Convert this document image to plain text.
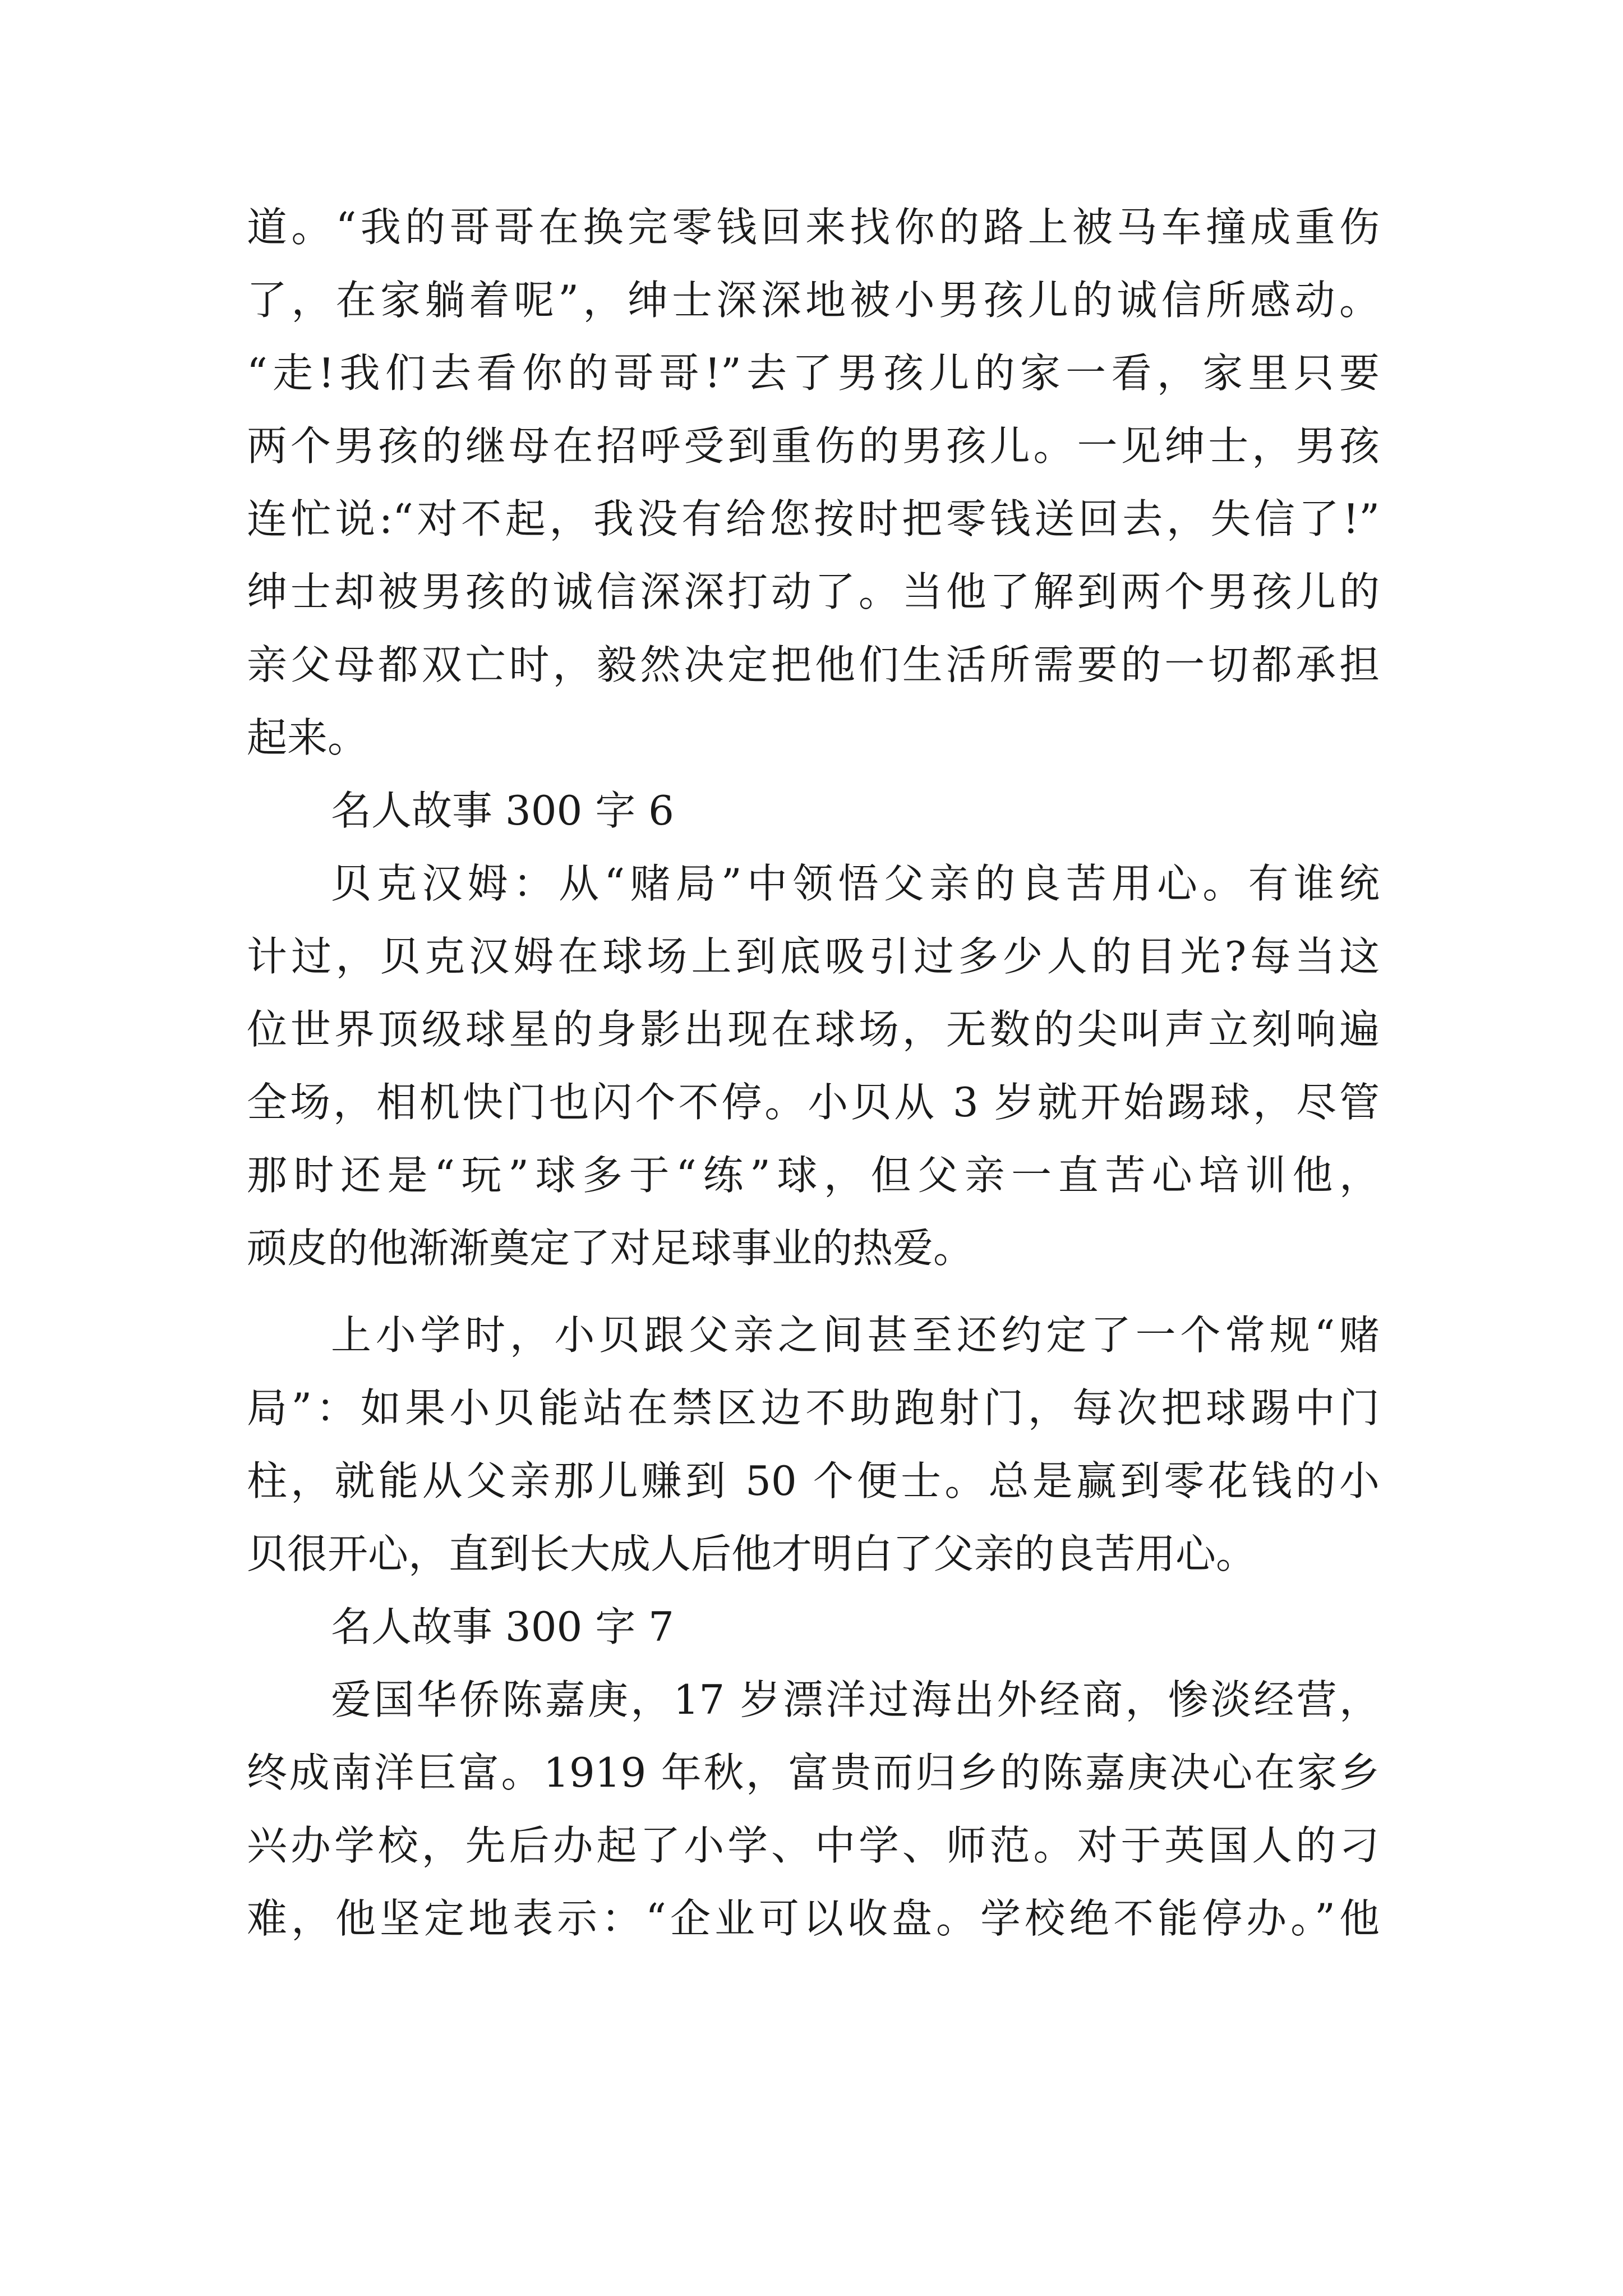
道。“我的哥哥在换完零钱回来找你的路上被马车撞成重伤
了，在家躺着呢”，绅士深深地被小男孩儿的诚信所感动。
“走!我们去看你的哥哥!”去了男孩儿的家一看，家里只要
两个男孩的继母在招呼受到重伤的男孩儿。一见绅士，男孩
连忙说:“对不起，我没有给您按时把零钱送回去，失信了!”
绅士却被男孩的诚信深深打动了。当他了解到两个男孩儿的
亲父母都双亡时，毅然决定把他们生活所需要的一切都承担
起来。
名人故事 300 字 6
贝克汉姆：从“赌局”中领悟父亲的良苦用心。有谁统
计过，贝克汉姆在球场上到底吸引过多少人的目光?每当这
位世界顶级球星的身影出现在球场，无数的尖叫声立刻响遍
全场，相机快门也闪个不停。小贝从 3 岁就开始踢球，尽管
那时还是“玩”球多于“练”球，但父亲一直苦心培训他，
顽皮的他渐渐奠定了对足球事业的热爱。
上小学时，小贝跟父亲之间甚至还约定了一个常规“赌
局”：如果小贝能站在禁区边不助跑射门，每次把球踢中门
柱，就能从父亲那儿赚到 50 个便士。总是赢到零花钱的小
贝很开心，直到长大成人后他才明白了父亲的良苦用心。
名人故事 300 字 7
爱国华侨陈嘉庚，17 岁漂洋过海出外经商，惨淡经营，
终成南洋巨富。1919 年秋，富贵而归乡的陈嘉庚决心在家乡
兴办学校，先后办起了小学、中学、师范。对于英国人的刁
难，他坚定地表示：“企业可以收盘。学校绝不能停办。”他
